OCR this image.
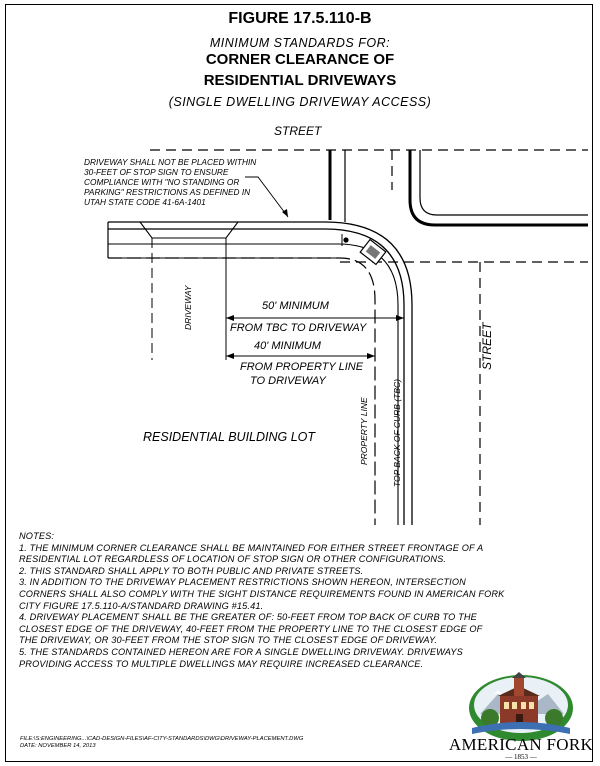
FIGURE 17.5.110-B
MINIMUM STANDARDS FOR:
CORNER CLEARANCE OF
RESIDENTIAL DRIVEWAYS
(SINGLE DWELLING DRIVEWAY ACCESS)
STREET
STREET
DRIVEWAY SHALL NOT BE PLACED WITHIN
30-FEET OF STOP SIGN TO ENSURE
COMPLIANCE WITH "NO STANDING OR
PARKING" RESTRICTIONS AS DEFINED IN
UTAH STATE CODE 41-6A-1401
DRIVEWAY	50' MINIMUM
FROM TBC TO DRIVEWAY
40' MINIMUM
FROM PROPERTY LINE
TO DRIVEWAY
PROPERTY LINE	TOP BACK OF CURB (TBC)
RESIDENTIAL BUILDING LOT
NOTES:
1. THE MINIMUM CORNER CLEARANCE SHALL BE MAINTAINED FOR EITHER STREET FRONTAGE OF A
RESIDENTIAL LOT REGARDLESS OF LOCATION OF STOP SIGN OR OTHER CONFIGURATIONS.
2. THIS STANDARD SHALL APPLY TO BOTH PUBLIC AND PRIVATE STREETS.
3. IN ADDITION TO THE DRIVEWAY PLACEMENT RESTRICTIONS SHOWN HEREON, INTERSECTION
CORNERS SHALL ALSO COMPLY WITH THE SIGHT DISTANCE REQUIREMENTS FOUND IN AMERICAN FORK
CITY FIGURE 17.5.110-A/STANDARD DRAWING #15.41.
4. DRIVEWAY PLACEMENT SHALL BE THE GREATER OF: 50-FEET FROM TOP BACK OF CURB TO THE
CLOSEST EDGE OF THE DRIVEWAY, 40-FEET FROM THE PROPERTY LINE TO THE CLOSEST EDGE OF
THE DRIVEWAY, OR 30-FEET FROM THE STOP SIGN TO THE CLOSEST EDGE OF DRIVEWAY.
5. THE STANDARDS CONTAINED HEREON ARE FOR A SINGLE DWELLING DRIVEWAY. DRIVEWAYS
PROVIDING ACCESS TO MULTIPLE DWELLINGS MAY REQUIRE INCREASED CLEARANCE.
FILE:\S:ENGINEERING...\CAD-DESIGN-FILES\AF-CITY-STANDARDS\DWG\DRIVEWAY-PLACEMENT.DWG
DATE: NOVEMBER 14, 2013	AMERICAN FORK
— 1853 —
